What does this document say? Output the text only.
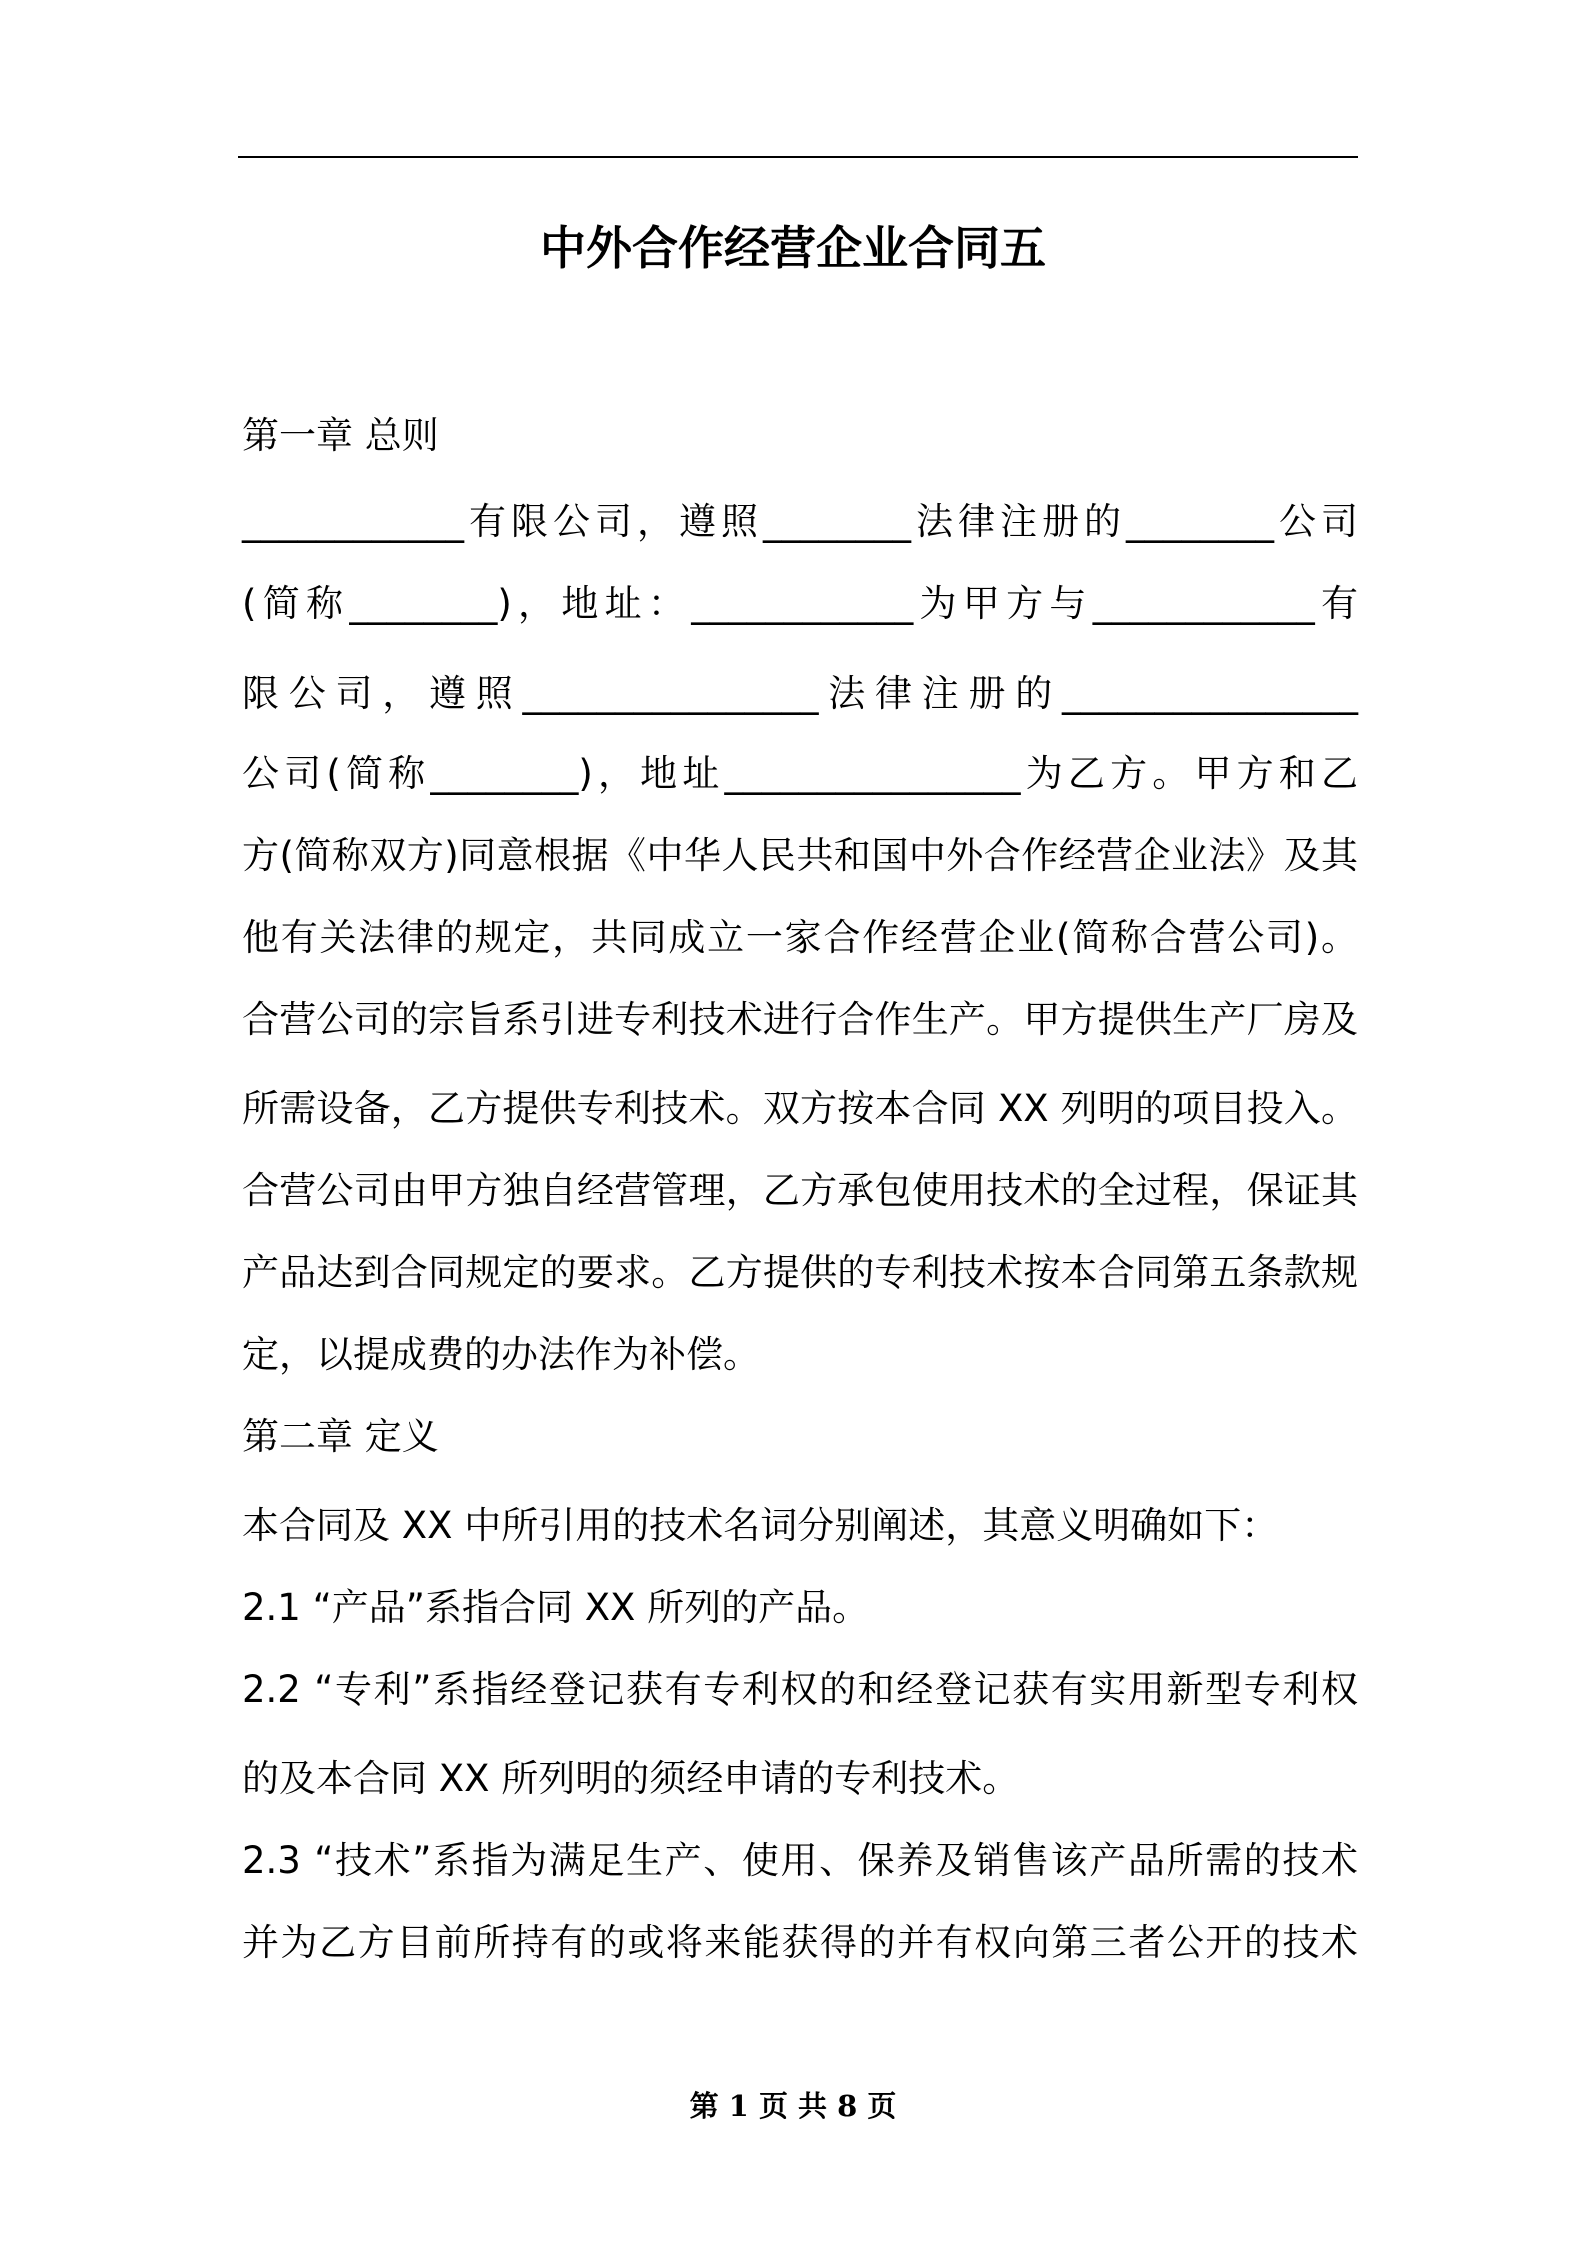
中外合作经营企业合同五

第一章 总则

____________有限公司，遵照________法律注册的________公司

(简称________)，地址：____________为甲方与____________有

限公司，遵照________________法律注册的________________

公司(简称________)，地址________________为乙方。甲方和乙

方(简称双方)同意根据《中华人民共和国中外合作经营企业法》及其

他有关法律的规定，共同成立一家合作经营企业(简称合营公司)。

合营公司的宗旨系引进专利技术进行合作生产。甲方提供生产厂房及

所需设备，乙方提供专利技术。双方按本合同 XX 列明的项目投入。

合营公司由甲方独自经营管理，乙方承包使用技术的全过程，保证其

产品达到合同规定的要求。乙方提供的专利技术按本合同第五条款规

定，以提成费的办法作为补偿。

第二章 定义

本合同及 XX 中所引用的技术名词分别阐述，其意义明确如下：

2.1 “产品”系指合同 XX 所列的产品。

2.2 “专利”系指经登记获有专利权的和经登记获有实用新型专利权

的及本合同 XX 所列明的须经申请的专利技术。

2.3 “技术”系指为满足生产、使用、保养及销售该产品所需的技术

并为乙方目前所持有的或将来能获得的并有权向第三者公开的技术

第 1 页 共 8 页
